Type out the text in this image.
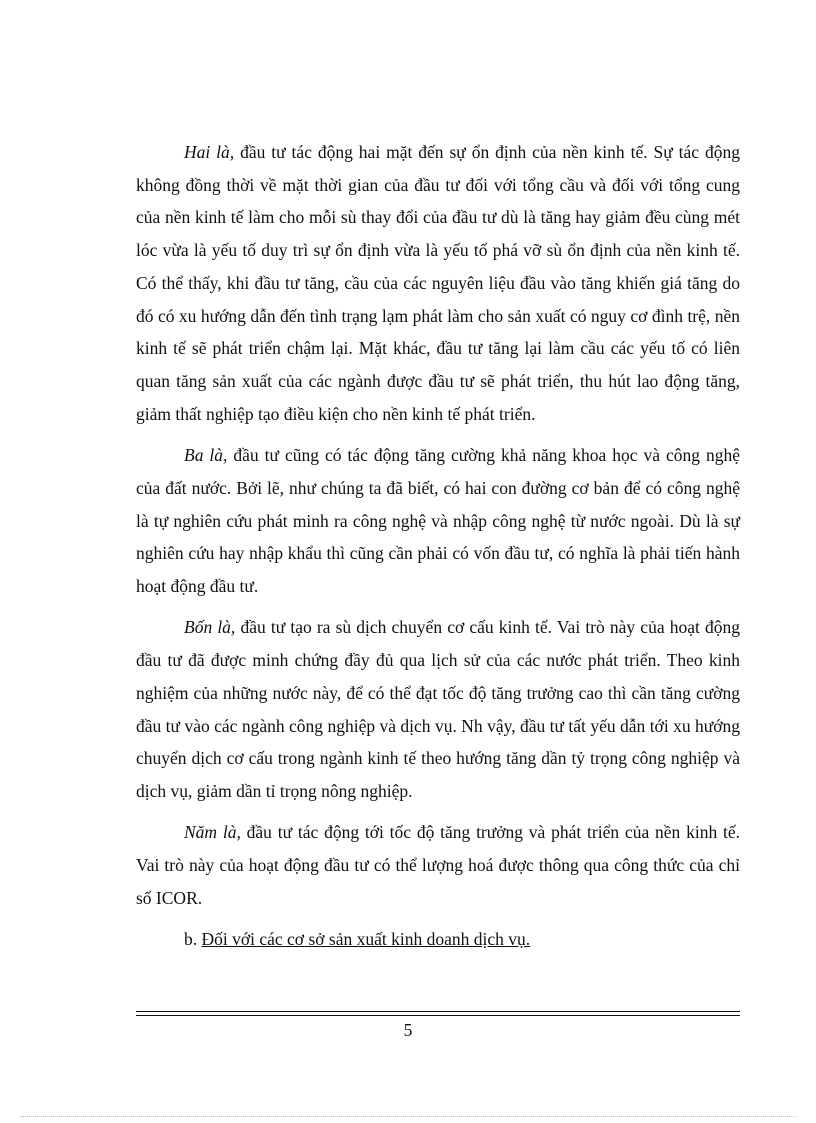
Hai là, đầu tư tác động hai mặt đến sự ổn định của nền kinh tế. Sự tác động không đồng thời về mặt thời gian của đầu tư đối với tổng cầu và đối với tổng cung của nền kinh tế làm cho mỗi sù thay đổi của đầu tư dù là tăng hay giảm đều cùng mét lóc vừa là yếu tố duy trì sự ổn định vừa là yếu tố phá vỡ sù ổn định của nền kinh tế. Có thể thấy, khi đầu tư tăng, cầu của các nguyên liệu đầu vào tăng khiến giá tăng do đó có xu hướng dẫn đến tình trạng lạm phát làm cho sản xuất có nguy cơ đình trệ, nền kinh tế sẽ phát triển chậm lại. Mặt khác, đầu tư tăng lại làm cầu các yếu tố có liên quan tăng sản xuất của các ngành được đầu tư sẽ phát triển, thu hút lao động tăng, giảm thất nghiệp tạo điều kiện cho nền kinh tế phát triển.

Ba là, đầu tư cũng có tác động tăng cường khả năng khoa học và công nghệ của đất nước. Bởi lẽ, như chúng ta đã biết, có hai con đường cơ bản để có công nghệ là tự nghiên cứu phát minh ra công nghệ và nhập công nghệ từ nước ngoài. Dù là sự nghiên cứu hay nhập khẩu thì cũng cần phải có vốn đầu tư, có nghĩa là phải tiến hành hoạt động đầu tư.

Bốn là, đầu tư tạo ra sù dịch chuyển cơ cấu kinh tế. Vai trò này của hoạt động đầu tư đã được minh chứng đầy đủ qua lịch sử của các nước phát triển. Theo kinh nghiệm của những nước này, để có thể đạt tốc độ tăng trưởng cao thì cần tăng cường đầu tư vào các ngành công nghiệp và dịch vụ. Nh vậy, đầu tư tất yếu dẫn tới xu hướng chuyển dịch cơ cấu trong ngành kinh tế theo hướng tăng dần tỷ trọng công nghiệp và dịch vụ, giảm dần tỉ trọng nông nghiệp.

Năm là, đầu tư tác động tới tốc độ tăng trưởng và phát triển của nền kinh tế. Vai trò này của hoạt động đầu tư có thể lượng hoá được thông qua công thức của chỉ số ICOR.

b. Đối với các cơ sở sản xuất kinh doanh dịch vụ.

5
